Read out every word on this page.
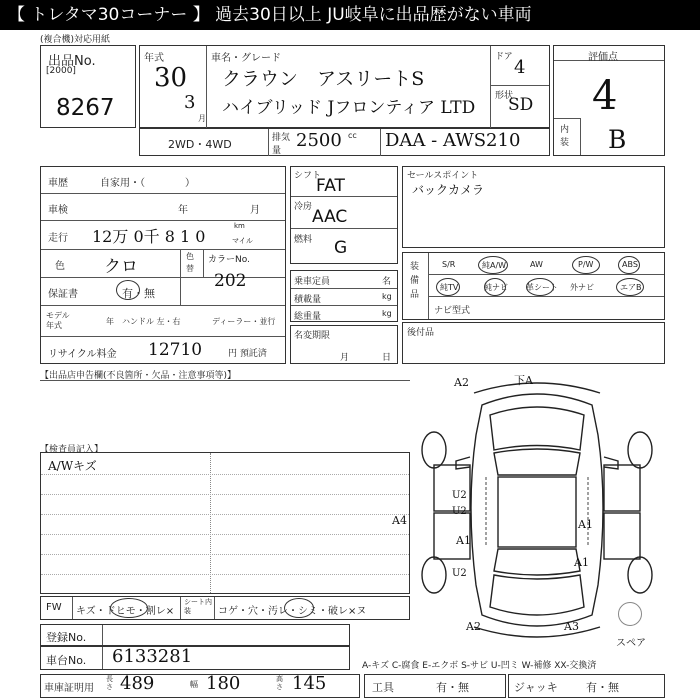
【 トレタマ30コーナー 】 過去30日以上 JU岐阜に出品歴がない車両
(複合機)対応用紙
出品No.
[2000]
8267
年式
30
3
月
車名・グレード
クラウン　アスリートS
ハイブリッド Jフロンティア LTD
ドア 4
形状
SD
評価点
4
内装 B
2WD・4WD	排気量 2500 cc DAA - AWS210
車歴	自家用・（　　　　）
車検	年	月
走行 12万 0千 8 1 0
km
マイル
色 クロ
色替
カラーNo.
202
保証書	有・無
モデル年式	年 ハンドル 左・右	ディーラー・並行
リサイクル料金 12710	円 預託済
シフト
FAT
冷房 AAC
燃料 G
乗車定員	名
積載量	kg
総重量	kg
名変期限
月	日
セールスポイント
バックカメラ
装備品
S/R	純A/W	AW	P/W	ABS
純TV	純ナビ 革シート 外ナビ	エアB
ナビ型式
後付品
【出品店申告欄(不良箇所・欠品・注意事項等)】
【検査員記入】
A/Wキズ
FW キズ・ドヒモ・割レ×
シート内装	コゲ・穴・汚レ・シミ・破レ×ヌ
登録No.
車台No. 6133281	A-キズ C-腐食 E-エクボ S-サビ U-凹ミ W-補修 XX-交換済
車庫証明用
長さ 489	幅 180	高さ 145	工具	有・無	ジャッキ	有・無
A2	下A
A4	A1
A1
U2
U2
U2
A1
A2	A3
スペア
